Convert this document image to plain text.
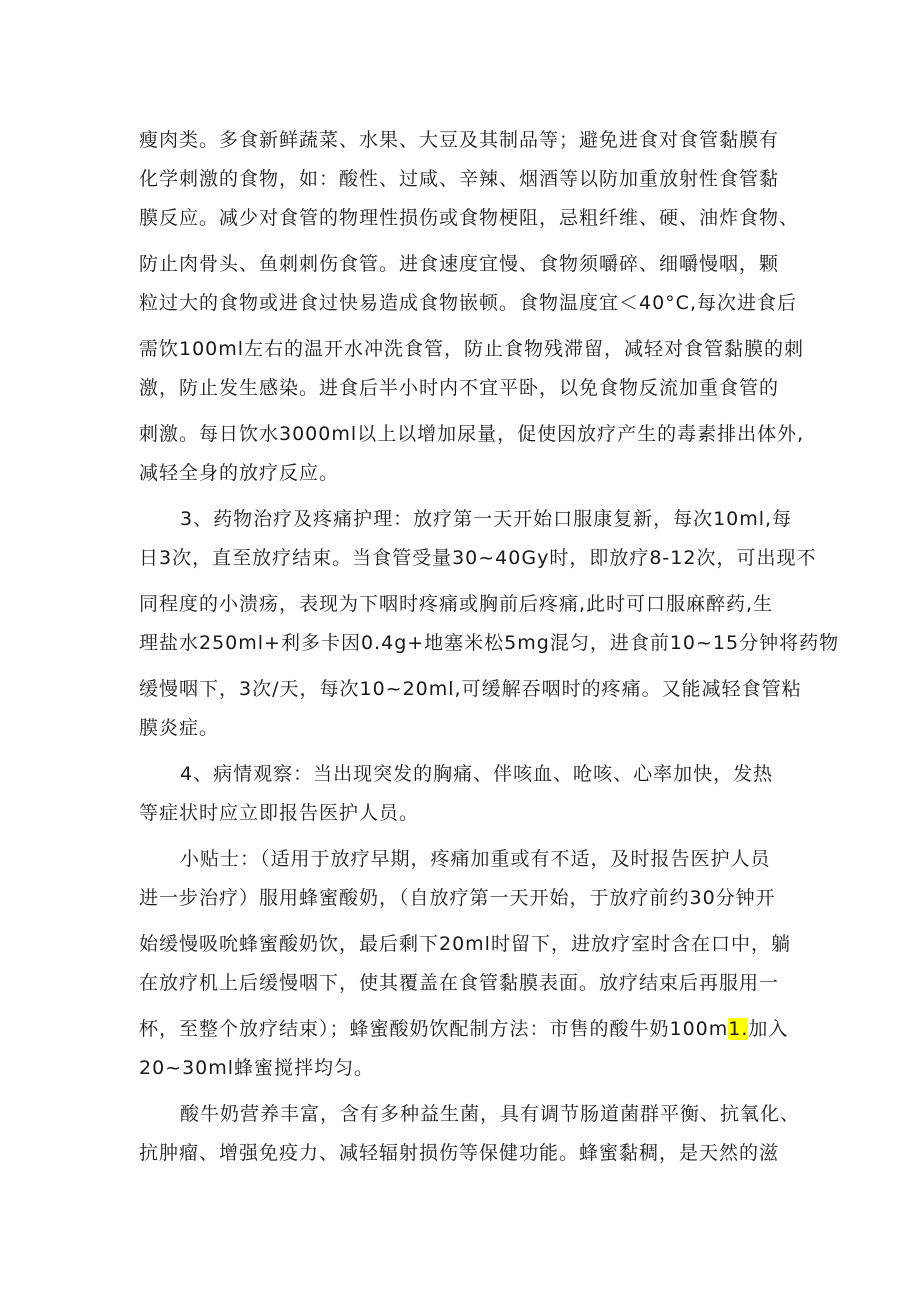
瘦肉类。多食新鲜蔬菜、水果、大豆及其制品等；避免进食对食管黏膜有
化学刺激的食物，如：酸性、过咸、辛辣、烟酒等以防加重放射性食管黏
膜反应。减少对食管的物理性损伤或食物梗阻，忌粗纤维、硬、油炸食物、
防止肉骨头、鱼刺刺伤食管。进食速度宜慢、食物须嚼碎、细嚼慢咽，颗
粒过大的食物或进食过快易造成食物嵌顿。食物温度宜＜40°C,每次进食后
需饮100ml左右的温开水冲洗食管，防止食物残滞留，减轻对食管黏膜的刺
激，防止发生感染。进食后半小时内不宜平卧，以免食物反流加重食管的
刺激。每日饮水3000ml以上以增加尿量，促使因放疗产生的毒素排出体外,
减轻全身的放疗反应。
3、药物治疗及疼痛护理：放疗第一天开始口服康复新，每次10ml,每
日3次，直至放疗结束。当食管受量30~40Gy时，即放疗8-12次，可出现不
同程度的小溃疡，表现为下咽时疼痛或胸前后疼痛,此时可口服麻醉药,生
理盐水250ml+利多卡因0.4g+地塞米松5mg混匀，进食前10~15分钟将药物
缓慢咽下，3次/天，每次10~20ml,可缓解吞咽时的疼痛。又能减轻食管粘
膜炎症。
4、病情观察：当出现突发的胸痛、伴咳血、呛咳、心率加快，发热
等症状时应立即报告医护人员。
小贴士：（适用于放疗早期，疼痛加重或有不适，及时报告医护人员
进一步治疗）服用蜂蜜酸奶，（自放疗第一天开始，于放疗前约30分钟开
始缓慢吸吮蜂蜜酸奶饮，最后剩下20ml时留下，进放疗室时含在口中，躺
在放疗机上后缓慢咽下，使其覆盖在食管黏膜表面。放疗结束后再服用一
杯，至整个放疗结束）；蜂蜜酸奶饮配制方法：市售的酸牛奶100m1.加入
20~30ml蜂蜜搅拌均匀。
酸牛奶营养丰富，含有多种益生菌，具有调节肠道菌群平衡、抗氧化、
抗肿瘤、增强免疫力、减轻辐射损伤等保健功能。蜂蜜黏稠，是天然的滋
